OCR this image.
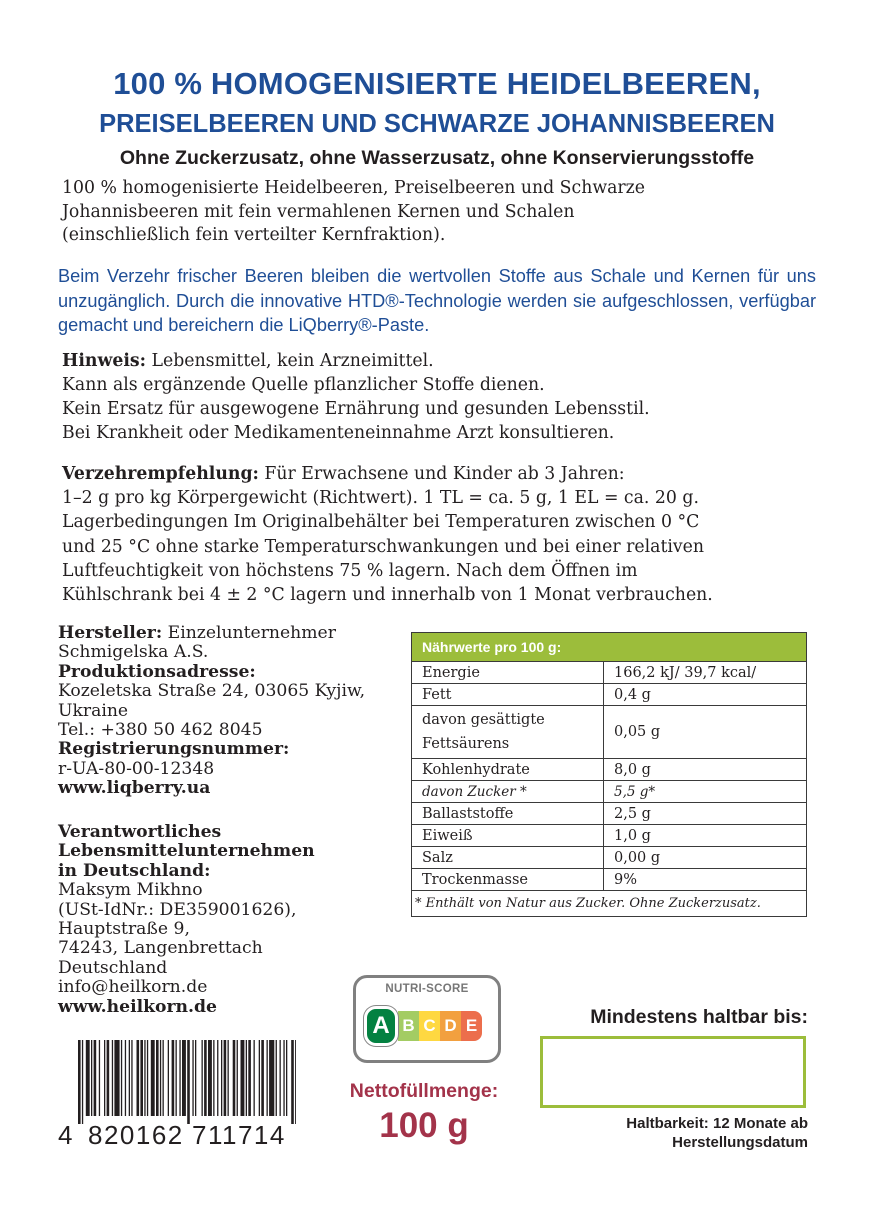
100 % HOMOGENISIERTE HEIDELBEEREN,
PREISELBEEREN UND SCHWARZE JOHANNISBEEREN
Ohne Zuckerzusatz, ohne Wasserzusatz, ohne Konservierungsstoffe
100 % homogenisierte Heidelbeeren, Preiselbeeren und Schwarze
Johannisbeeren mit fein vermahlenen Kernen und Schalen
(einschließlich fein verteilter Kernfraktion).
Beim Verzehr frischer Beeren bleiben die wertvollen Stoffe aus Schale und Kernen für uns unzugänglich. Durch die innovative HTD®-Technologie werden sie aufgeschlossen, verfügbar gemacht und bereichern die LiQberry®-Paste.
Hinweis: Lebensmittel, kein Arzneimittel.
Kann als ergänzende Quelle pflanzlicher Stoffe dienen.
Kein Ersatz für ausgewogene Ernährung und gesunden Lebensstil.
Bei Krankheit oder Medikamenteneinnahme Arzt konsultieren.
Verzehrempfehlung: Für Erwachsene und Kinder ab 3 Jahren:
1–2 g pro kg Körpergewicht (Richtwert). 1 TL = ca. 5 g, 1 EL = ca. 20 g.
Lagerbedingungen Im Originalbehälter bei Temperaturen zwischen 0 °C
und 25 °C ohne starke Temperaturschwankungen und bei einer relativen
Luftfeuchtigkeit von höchstens 75 % lagern. Nach dem Öffnen im
Kühlschrank bei 4 ± 2 °C lagern und innerhalb von 1 Monat verbrauchen.
Hersteller: Einzelunternehmer
Schmigelska A.S.
Produktionsadresse:
Kozeletska Straße 24, 03065 Kyjiw,
Ukraine
Tel.: +380 50 462 8045
Registrierungsnummer:
r-UA-80-00-12348
www.liqberry.ua
Verantwortliches
Lebensmittelunternehmen
in Deutschland:
Maksym Mikhno
(USt-IdNr.: DE359001626),
Hauptstraße 9,
74243, Langenbrettach
Deutschland
info@heilkorn.de
www.heilkorn.de
Nährwerte pro 100 g:	
Energie	166,2 kJ/ 39,7 kcal/
Fett	0,4 g

davon gesättigte
Fettsäurens	0,05 g
Kohlenhydrate	8,0 g
davon Zucker *	5,5 g*
Ballaststoffe	2,5 g
Eiweiß	1,0 g
Salz	0,00 g
Trockenmasse	9%
* Enthält von Natur aus Zucker. Ohne Zuckerzusatz.	
NUTRI-SCORE
A B C D E
4 820162 711714
Nettofüllmenge:
100 g
Mindestens haltbar bis:
Haltbarkeit: 12 Monate ab
Herstellungsdatum
